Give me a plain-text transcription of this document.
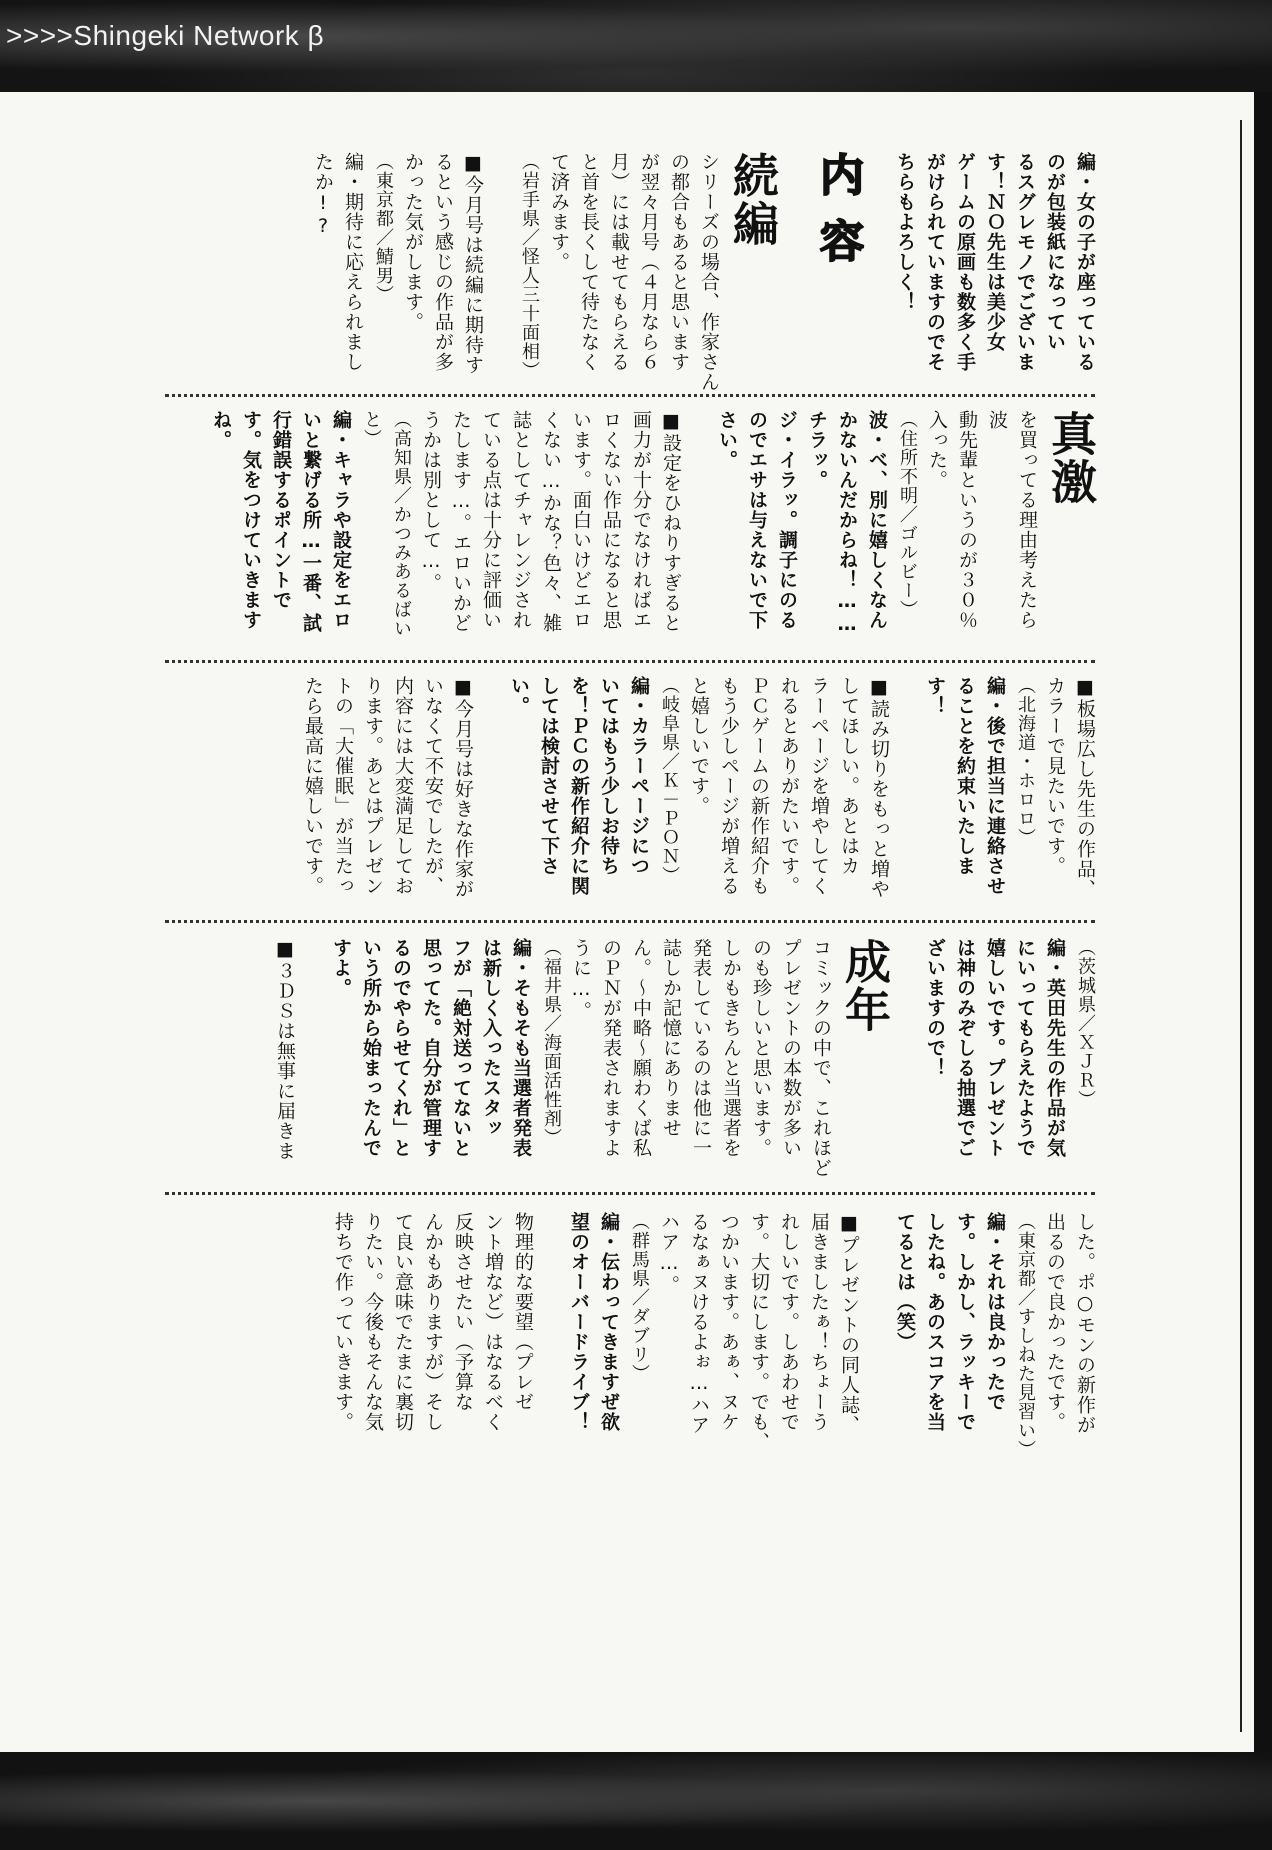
>>>>Shingeki Network β
編・女の子が座っている
のが包装紙になってい
るスグレモノでございま
す！ＮＯ先生は美少女
ゲームの原画も数多く手
がけられていますのでそ
ちらもよろしく！
内容
続編
シリーズの場合、作家さん
の都合もあると思います
が翌々月号（４月なら６
月）には載せてもらえる
と首を長くして待たなく
て済みます。
（岩手県／怪人三十面相）
■今月号は続編に期待す
るという感じの作品が多
かった気がします。
（東京都／鯖男）
編・期待に応えられまし
たか!?
真激
を買ってる理由考えたら波
動先輩というのが３０％
入った。
（住所不明／ゴルビー）
波・べ、別に嬉しくなん
かないんだからね！……
チラッ。
ジ・イラッ。調子にのる
のでエサは与えないで下
さい。
■設定をひねりすぎると
画力が十分でなければエ
ロくない作品になると思
います。面白いけどエロ
くない…かな？色々、雑
誌としてチャレンジされ
ている点は十分に評価い
たします…。エロいかど
うかは別として…。
（高知県／かつみあるばいと）
編・キャラや設定をエロ
いと繋げる所…一番、試
行錯誤するポイントで
す。気をつけていきます
ね。
■板場広し先生の作品、
カラーで見たいです。
（北海道・ホロロ）
編・後で担当に連絡させ
ることを約束いたしま
す！
■読み切りをもっと増や
してほしい。あとはカ
ラーページを増やしてく
れるとありがたいです。
ＰＣゲームの新作紹介も
もう少しページが増える
と嬉しいです。
（岐阜県／Ｋ－ＰＯＮ）
編・カラーページにつ
いてはもう少しお待ち
を！ＰＣの新作紹介に関
しては検討させて下さ
い。
■今月号は好きな作家が
いなくて不安でしたが、
内容には大変満足してお
ります。あとはプレゼン
トの「大催眠」が当たっ
たら最高に嬉しいです。
（茨城県／ＸＪＲ）
編・英田先生の作品が気
にいってもらえたようで
嬉しいです。プレゼント
は神のみぞしる抽選でご
ざいますので！
成年
コミックの中で、これほど
プレゼントの本数が多い
のも珍しいと思います。
しかもきちんと当選者を
発表しているのは他に一
誌しか記憶にありませ
ん。～中略～願わくば私
のＰＮが発表されますよ
うに…。
（福井県／海面活性剤）
編・そもそも当選者発表
は新しく入ったスタッ
フが「絶対送ってないと
思ってた。自分が管理す
るのでやらせてくれ」と
いう所から始まったんで
すよ。
■３ＤＳは無事に届きま
した。ポ○モンの新作が
出るので良かったです。
（東京都／すしねた見習い）
編・それは良かったで
す。しかし、ラッキーで
したね。あのスコアを当
てるとは（笑）
■プレゼントの同人誌、
届きましたぁ！ちょーう
れしいです。しあわせで
す。大切にします。でも、
つかいます。あぁ、ヌケ
るなぁヌけるよぉ…ハア
ハア…。
（群馬県／ダブリ）
編・伝わってきますぜ欲
望のオーバードライブ！
物理的な要望（プレゼ
ント増など）はなるべく
反映させたい（予算な
んかもありますが）そし
て良い意味でたまに裏切
りたい。今後もそんな気
持ちで作っていきます。
